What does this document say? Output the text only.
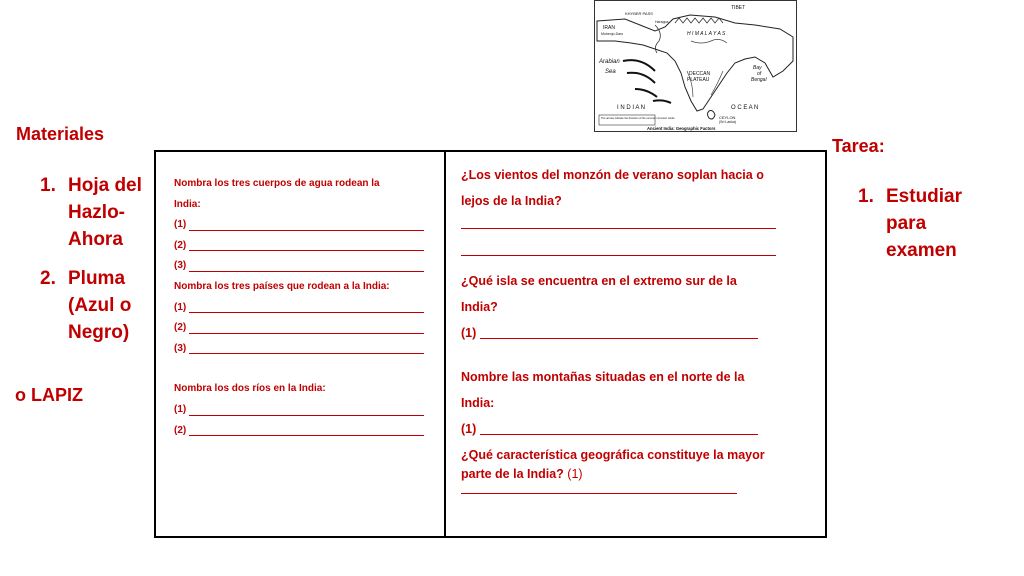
Materiales
1. Hoja del
Hazlo-
Ahora
2. Pluma
(Azul o
Negro)
o LAPIZ
Tarea:
1. Estudiar
para
examen
TIBET
IRAN
KHYBER PASS
Mohenjo-Daro
Harappa
H I M A L A Y A S
Arabian
Sea	DECCAN
PLATEAU
Bay
of
Bengal
I N D I A N	O C E A N
CEYLON
(Sri Lanka)
The arrows indicate the direction of the summer monsoon winds.
Ancient India: Geographic Factors
Nombra los tres cuerpos de agua rodean la
India:
(1)
(2)
(3)
Nombra los tres países que rodean a la India:
(1)
(2)
(3)
Nombra los dos ríos en la India:
(1)
(2)
¿Los vientos del monzón de verano soplan hacia o
lejos de la India?
¿Qué isla se encuentra en el extremo sur de la
India?
(1)
Nombre las montañas situadas en el norte de la
India:
(1)
¿Qué característica geográfica constituye la mayor
parte de la India? (1)
